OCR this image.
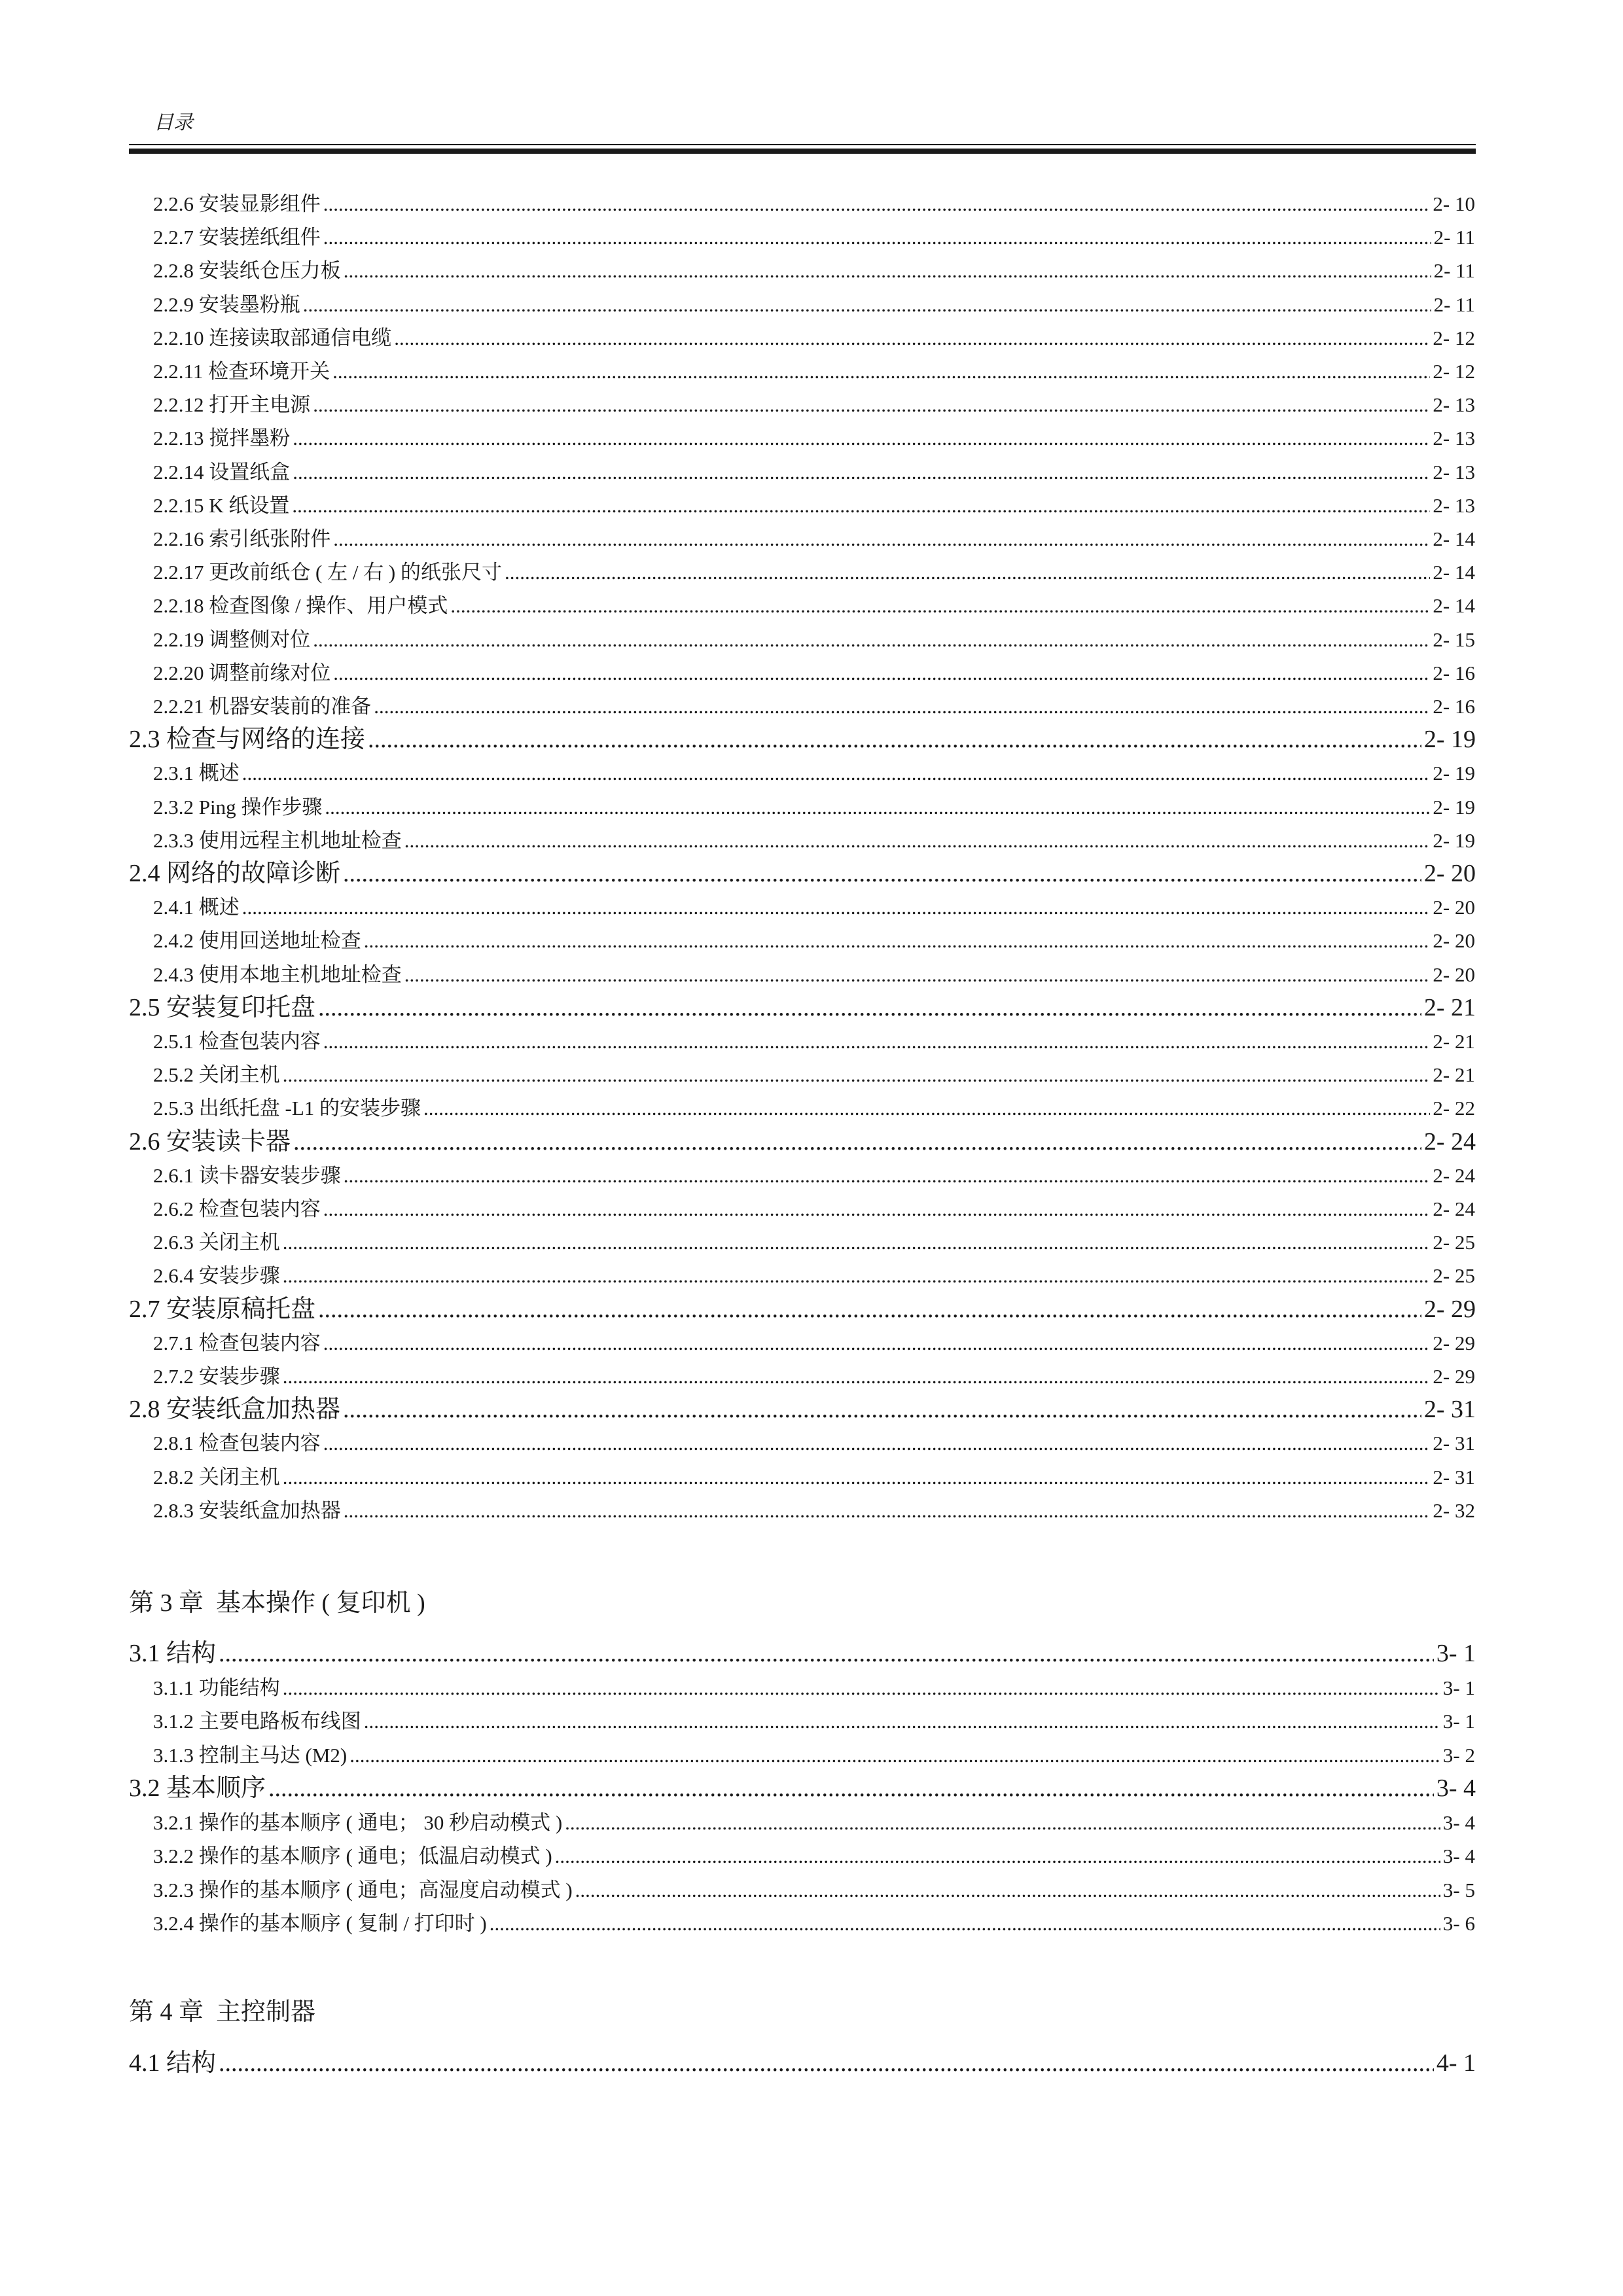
目录
第 3 章  基本操作 ( 复印机 )
第 4 章  主控制器
2.2.6 安装显影组件 .....	2- 10
2.2.7 安装搓纸组件 .....	2- 11
2.2.8 安装纸仓压力板 .....	2- 11
2.2.9 安装墨粉瓶 .....	2- 11
2.2.10 连接读取部通信电缆 .....	2- 12
2.2.11 检查环境开关 .....	2- 12
2.2.12 打开主电源 .....	2- 13
2.2.13 搅拌墨粉 .....	2- 13
2.2.14 设置纸盒 .....	2- 13
2.2.15 K 纸设置 .....	2- 13
2.2.16 索引纸张附件 .....	2- 14
2.2.17 更改前纸仓 ( 左 / 右 ) 的纸张尺寸 .....	2- 14
2.2.18 检查图像 / 操作、用户模式 .....	2- 14
2.2.19 调整侧对位 .....	2- 15
2.2.20 调整前缘对位 .....	2- 16
2.2.21 机器安装前的准备 .....	2- 16
2.3 检查与网络的连接 .....	2- 19
2.3.1 概述 .....	2- 19
2.3.2 Ping 操作步骤 .....	2- 19
2.3.3 使用远程主机地址检查 .....	2- 19
2.4 网络的故障诊断 .....	2- 20
2.4.1 概述 .....	2- 20
2.4.2 使用回送地址检查 .....	2- 20
2.4.3 使用本地主机地址检查 .....	2- 20
2.5 安装复印托盘 .....	2- 21
2.5.1 检查包装内容 .....	2- 21
2.5.2 关闭主机 .....	2- 21
2.5.3 出纸托盘 -L1 的安装步骤 .....	2- 22
2.6 安装读卡器 .....	2- 24
2.6.1 读卡器安装步骤 .....	2- 24
2.6.2 检查包装内容 .....	2- 24
2.6.3 关闭主机 .....	2- 25
2.6.4 安装步骤 .....	2- 25
2.7 安装原稿托盘 .....	2- 29
2.7.1 检查包装内容 .....	2- 29
2.7.2 安装步骤 .....	2- 29
2.8 安装纸盒加热器 .....	2- 31
2.8.1 检查包装内容 .....	2- 31
2.8.2 关闭主机 .....	2- 31
2.8.3 安装纸盒加热器 .....	2- 32
3.1 结构 .....	3- 1
3.1.1 功能结构 .....	3- 1
3.1.2 主要电路板布线图 .....	3- 1
3.1.3 控制主马达 (M2) .....	3- 2
3.2 基本顺序 .....	3- 4
3.2.1 操作的基本顺序 ( 通电； 30 秒启动模式 ) .....	3- 4
3.2.2 操作的基本顺序 ( 通电；低温启动模式 ) .....	3- 4
3.2.3 操作的基本顺序 ( 通电；高湿度启动模式 ) .....	3- 5
3.2.4 操作的基本顺序 ( 复制 / 打印时 ) .....	3- 6
4.1 结构 .....	4- 1
